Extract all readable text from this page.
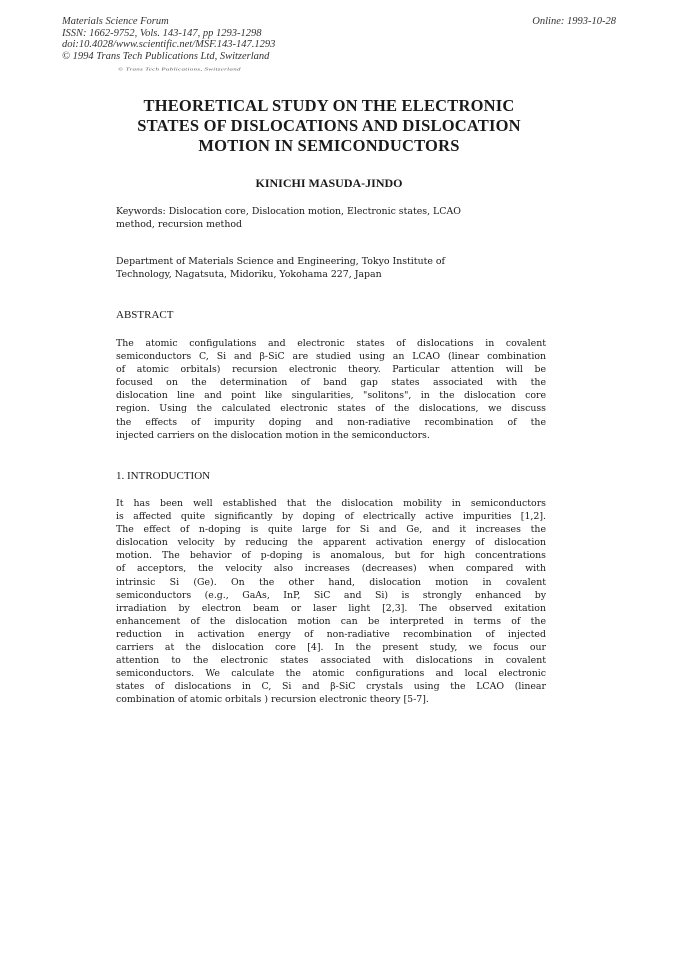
Materials Science Forum
ISSN: 1662-9752, Vols. 143-147, pp 1293-1298
doi:10.4028/www.scientific.net/MSF.143-147.1293
© 1994 Trans Tech Publications Ltd, Switzerland
Online: 1993-10-28
© Trans Tech Publications, Switzerland
THEORETICAL STUDY ON THE ELECTRONIC
STATES OF DISLOCATIONS AND DISLOCATION
MOTION IN SEMICONDUCTORS
KINICHI MASUDA-JINDO
Keywords: Dislocation core, Dislocation motion, Electronic states, LCAO
method, recursion method
Department of Materials Science and Engineering, Tokyo Institute of
Technology, Nagatsuta, Midoriku, Yokohama 227, Japan
ABSTRACT
The atomic configulations and electronic states of dislocations in covalent
semiconductors C, Si and β-SiC are studied using an LCAO (linear combination
of atomic orbitals) recursion electronic theory. Particular attention will be
focused on the determination of band gap states associated with the
dislocation line and point like singularities, "solitons", in the dislocation core
region. Using the calculated electronic states of the dislocations, we discuss
the effects of impurity doping and non-radiative recombination of the
injected carriers on the dislocation motion in the semiconductors.
1. INTRODUCTION
It has been well established that the dislocation mobility in semiconductors
is affected quite significantly by doping of electrically active impurities [1,2].
The effect of n-doping is quite large for Si and Ge, and it increases the
dislocation velocity by reducing the apparent activation energy of dislocation
motion. The behavior of p-doping is anomalous, but for high concentrations
of acceptors, the velocity also increases (decreases) when compared with
intrinsic Si (Ge). On the other hand, dislocation motion in covalent
semiconductors (e.g., GaAs, InP, SiC and Si) is strongly enhanced by
irradiation by electron beam or laser light [2,3]. The observed exitation
enhancement of the dislocation motion can be interpreted in terms of the
reduction in activation energy of non-radiative recombination of injected
carriers at the dislocation core [4]. In the present study, we focus our
attention to the electronic states associated with dislocations in covalent
semiconductors. We calculate the atomic configurations and local electronic
states of dislocations in C, Si and β-SiC crystals using the LCAO (linear
combination of atomic orbitals ) recursion electronic theory [5-7].
